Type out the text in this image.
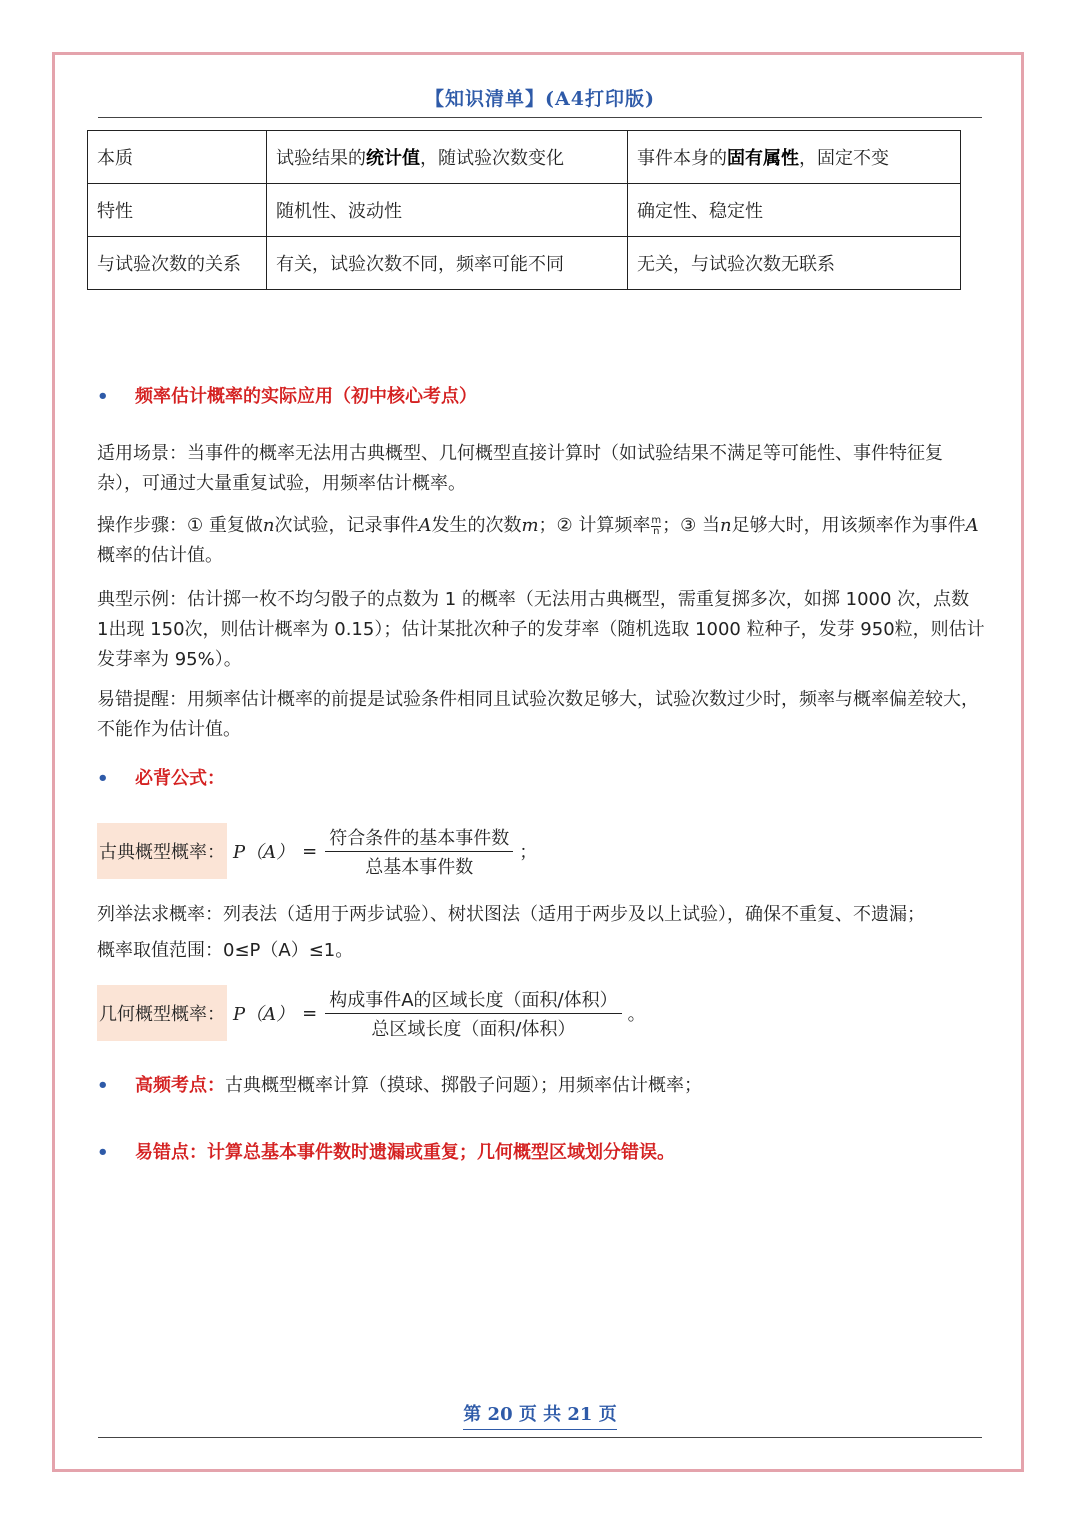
【知识清单】(A4打印版)
本质	试验结果的统计值，随试验次数变化	事件本身的固有属性，固定不变
特性	随机性、波动性	确定性、稳定性
与试验次数的关系	有关，试验次数不同，频率可能不同	无关，与试验次数无联系
• 频率估计概率的实际应用（初中核心考点）
适用场景：当事件的概率无法用古典概型、几何概型直接计算时（如试验结果不满足等可能性、事件特征复杂），可通过大量重复试验，用频率估计概率。
操作步骤：① 重复做n次试验，记录事件A发生的次数m；② 计算频率 $\frac{m}{n}$；③ 当n足够大时，用该频率作为事件A概率的估计值。
典型示例：估计掷一枚不均匀骰子的点数为 1 的概率（无法用古典概型，需重复掷多次，如掷 1000 次，点数 1出现 150次，则估计概率为 0.15）；估计某批次种子的发芽率（随机选取 1000 粒种子，发芽 950粒，则估计发芽率为 95%）。
易错提醒：用频率估计概率的前提是试验条件相同且试验次数足够大，试验次数过少时，频率与概率偏差较大，不能作为估计值。
• 必背公式：
古典概型概率： $P(A) = \frac{\text{符合条件的基本事件数}}{\text{总基本事件数}}$ ；
列举法求概率：列表法（适用于两步试验）、树状图法（适用于两步及以上试验），确保不重复、不遗漏；
概率取值范围：0≤P（A）≤1。
几何概型概率： $P(A) = \frac{\text{构成事件A的区域长度（面积/体积）}}{\text{总区域长度（面积/体积）}}$ 。
• 高频考点：古典概型概率计算（摸球、掷骰子问题）；用频率估计概率；
• 易错点：计算总基本事件数时遗漏或重复；几何概型区域划分错误。
第 20 页 共 21 页
